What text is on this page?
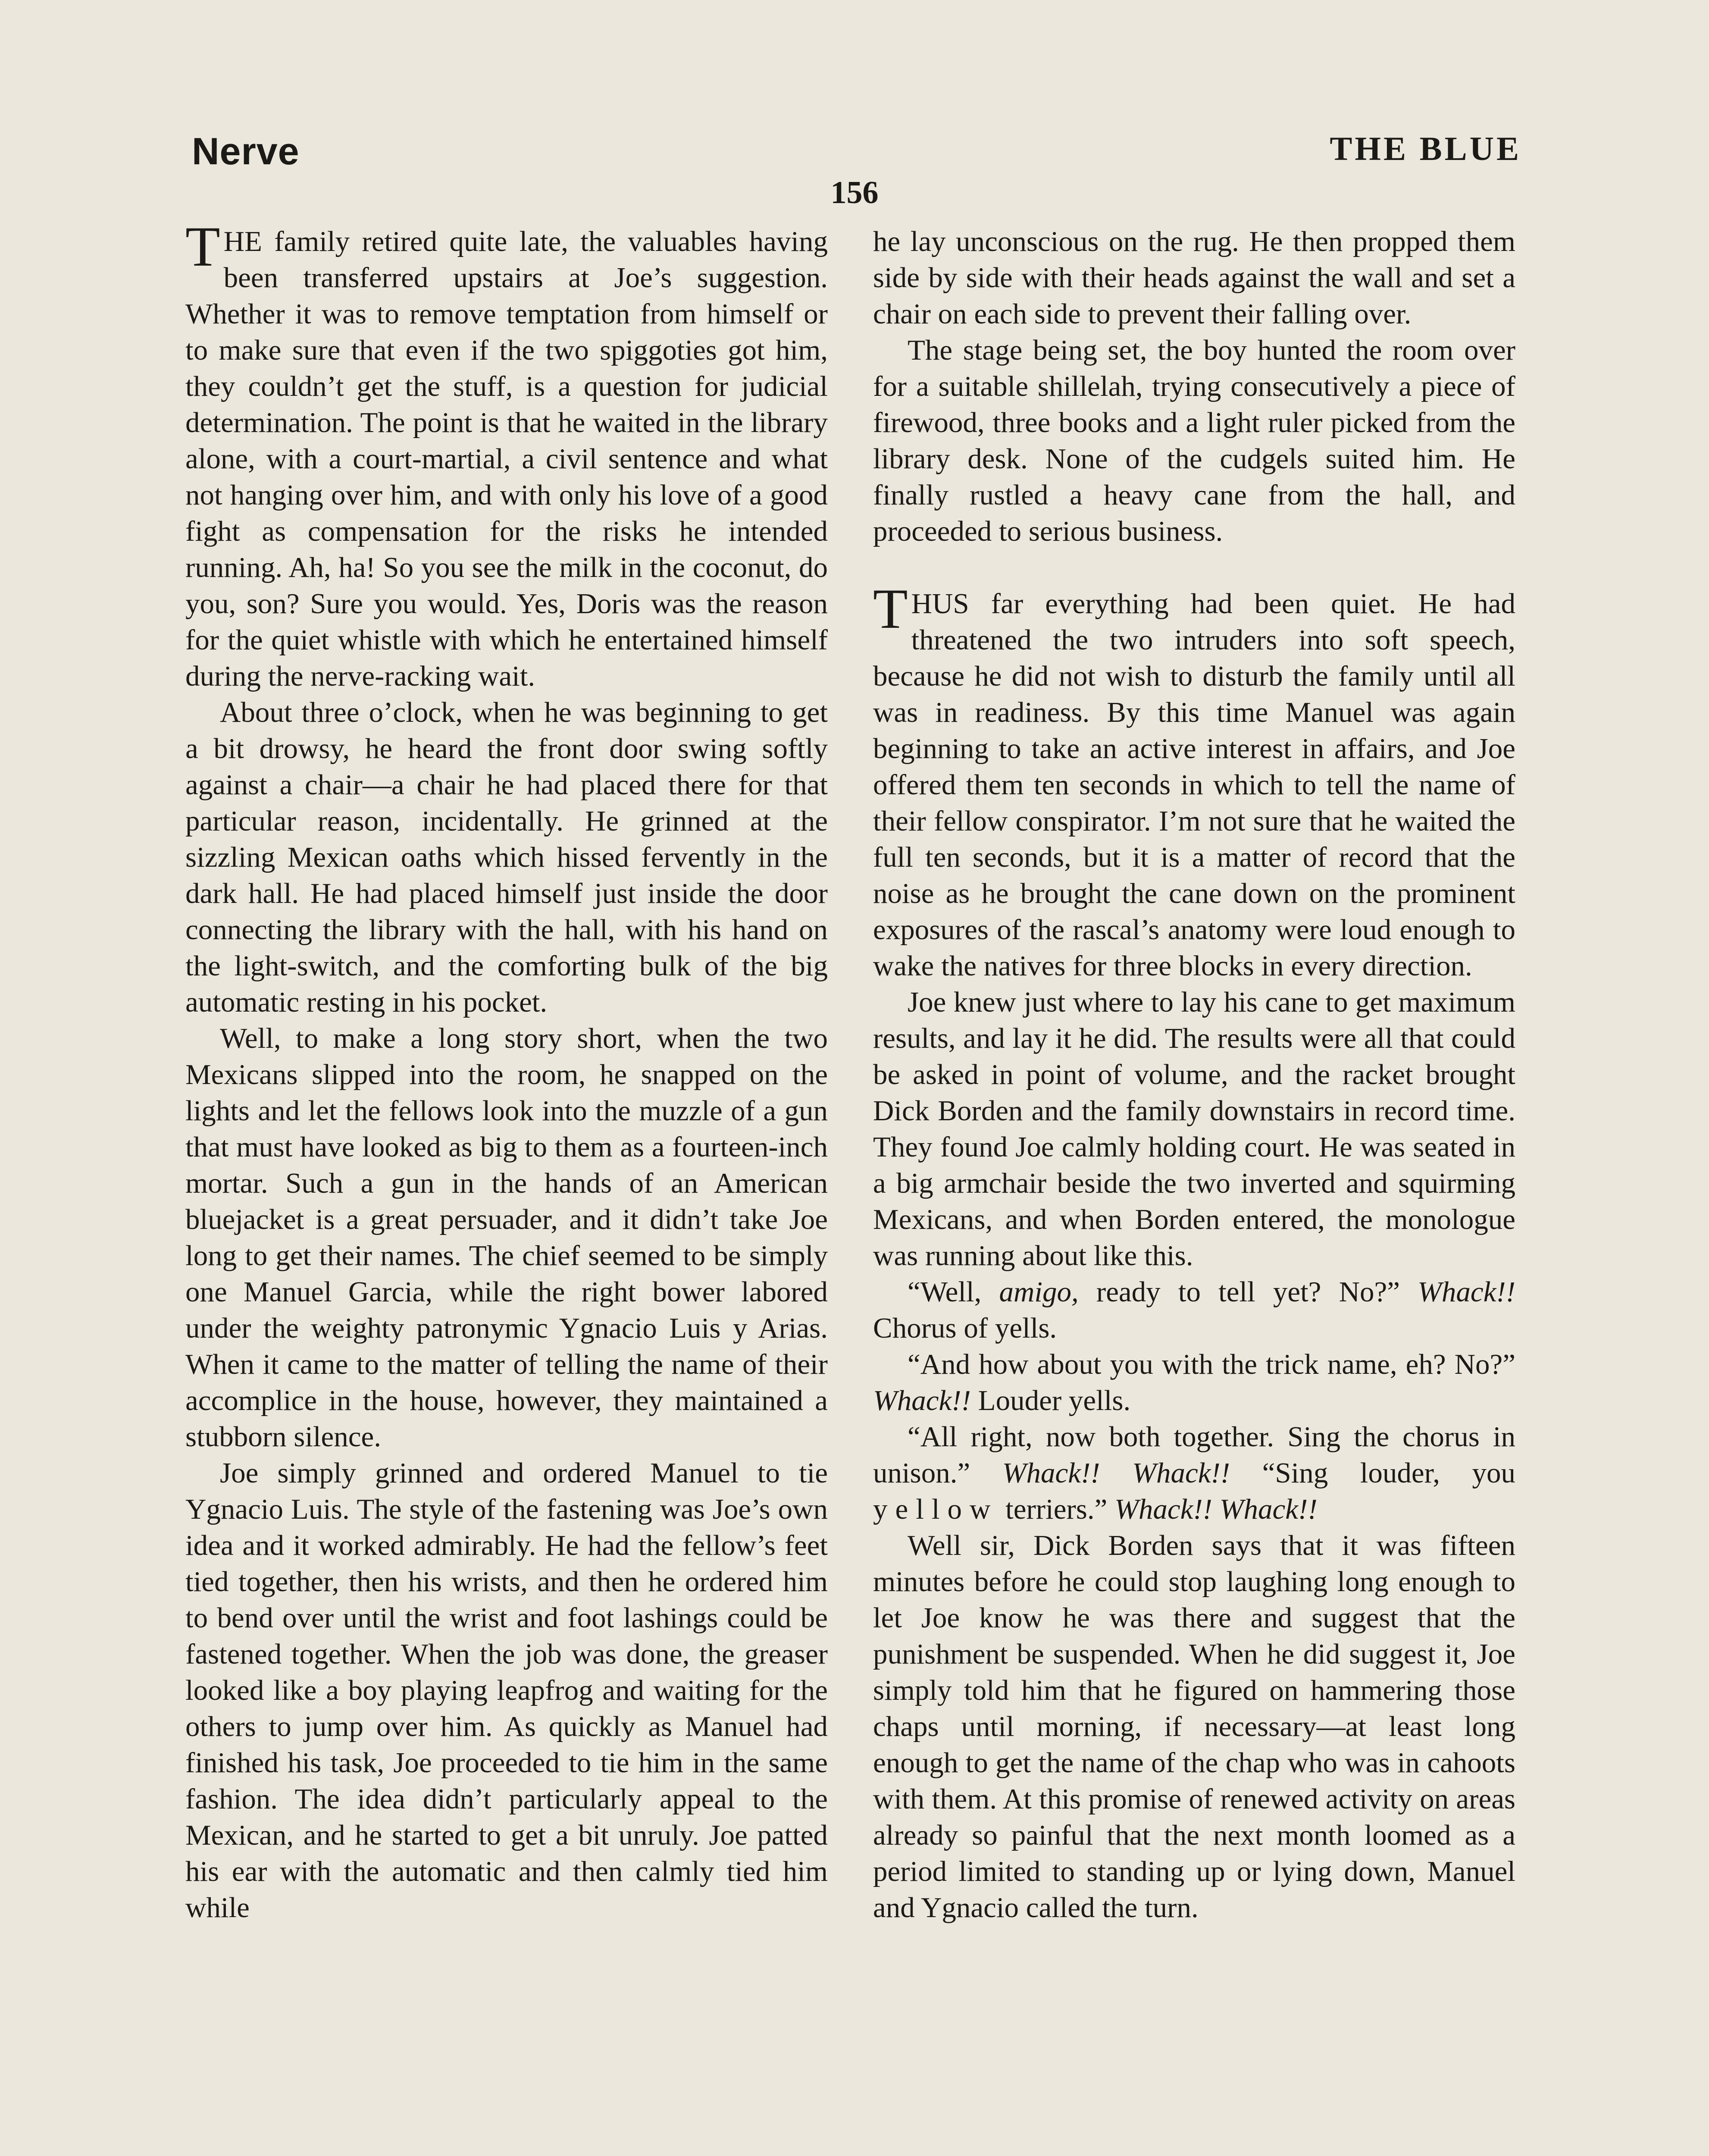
Nerve	THE BLUE
156

THE family retired quite late, the valuables having been transferred upstairs at Joe’s suggestion. Whether it was to remove temptation from himself or to make sure that even if the two spiggoties got him, they couldn’t get the stuff, is a question for judicial determination. The point is that he waited in the library alone, with a court-martial, a civil sentence and what not hanging over him, and with only his love of a good fight as compensation for the risks he intended running. Ah, ha! So you see the milk in the coconut, do you, son? Sure you would. Yes, Doris was the reason for the quiet whistle with which he entertained himself during the nerve-racking wait.

About three o’clock, when he was beginning to get a bit drowsy, he heard the front door swing softly against a chair—a chair he had placed there for that particular reason, incidentally. He grinned at the sizzling Mexican oaths which hissed fervently in the dark hall. He had placed himself just inside the door connecting the library with the hall, with his hand on the light-switch, and the comforting bulk of the big automatic resting in his pocket.

Well, to make a long story short, when the two Mexicans slipped into the room, he snapped on the lights and let the fellows look into the muzzle of a gun that must have looked as big to them as a fourteen-inch mortar. Such a gun in the hands of an American bluejacket is a great persuader, and it didn’t take Joe long to get their names. The chief seemed to be simply one Manuel Garcia, while the right bower labored under the weighty patronymic Ygnacio Luis y Arias. When it came to the matter of telling the name of their accomplice in the house, however, they maintained a stubborn silence.

Joe simply grinned and ordered Manuel to tie Ygnacio Luis. The style of the fastening was Joe’s own idea and it worked admirably. He had the fellow’s feet tied together, then his wrists, and then he ordered him to bend over until the wrist and foot lashings could be fastened together. When the job was done, the greaser looked like a boy playing leapfrog and waiting for the others to jump over him. As quickly as Manuel had finished his task, Joe proceeded to tie him in the same fashion. The idea didn’t particularly appeal to the Mexican, and he started to get a bit unruly. Joe patted his ear with the automatic and then calmly tied him while

he lay unconscious on the rug. He then propped them side by side with their heads against the wall and set a chair on each side to prevent their falling over.

The stage being set, the boy hunted the room over for a suitable shillelah, trying consecutively a piece of firewood, three books and a light ruler picked from the library desk. None of the cudgels suited him. He finally rustled a heavy cane from the hall, and proceeded to serious business.

THUS far everything had been quiet. He had threatened the two intruders into soft speech, because he did not wish to disturb the family until all was in readiness. By this time Manuel was again beginning to take an active interest in affairs, and Joe offered them ten seconds in which to tell the name of their fellow conspirator. I’m not sure that he waited the full ten seconds, but it is a matter of record that the noise as he brought the cane down on the prominent exposures of the rascal’s anatomy were loud enough to wake the natives for three blocks in every direction.

Joe knew just where to lay his cane to get maximum results, and lay it he did. The results were all that could be asked in point of volume, and the racket brought Dick Borden and the family downstairs in record time. They found Joe calmly holding court. He was seated in a big armchair beside the two inverted and squirming Mexicans, and when Borden entered, the monologue was running about like this.

“Well, amigo, ready to tell yet? No?” Whack!! Chorus of yells.

“And how about you with the trick name, eh? No?” Whack!! Louder yells.

“All right, now both together. Sing the chorus in unison.” Whack!! Whack!! “Sing louder, you yellow terriers.” Whack!! Whack!!

Well sir, Dick Borden says that it was fifteen minutes before he could stop laughing long enough to let Joe know he was there and suggest that the punishment be suspended. When he did suggest it, Joe simply told him that he figured on hammering those chaps until morning, if necessary—at least long enough to get the name of the chap who was in cahoots with them. At this promise of renewed activity on areas already so painful that the next month loomed as a period limited to standing up or lying down, Manuel and Ygnacio called the turn.
